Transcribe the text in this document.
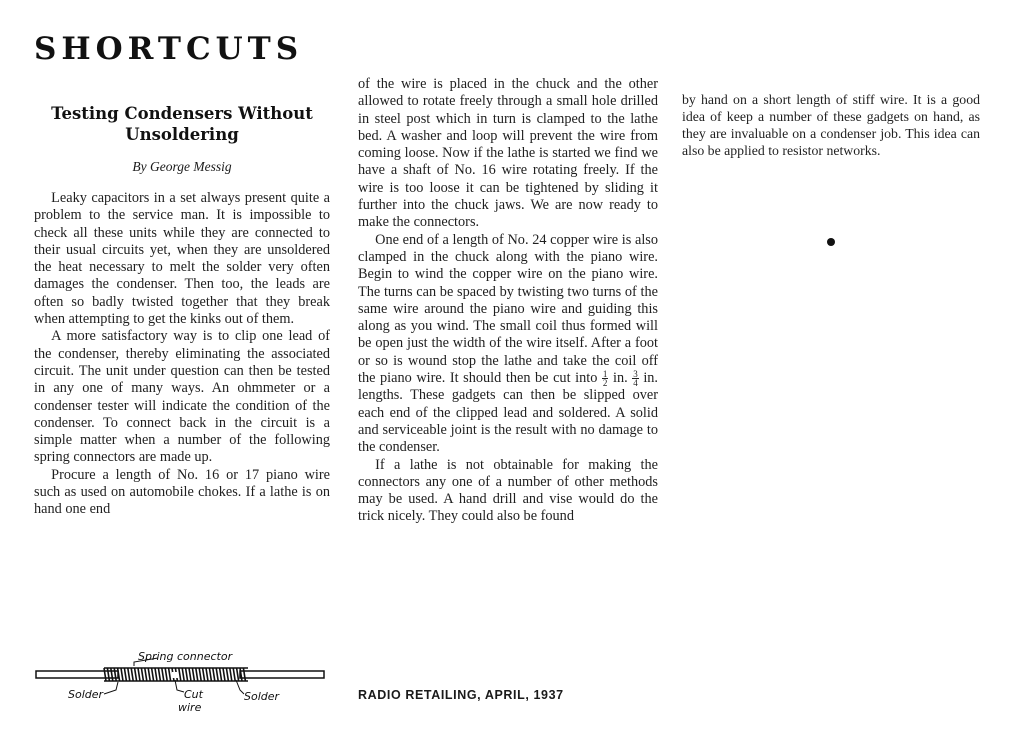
SHORTCUTS
Testing Condensers Without Unsoldering
By George Messig

Leaky capacitors in a set always present quite a problem to the service man. It is impossible to check all these units while they are connected to their usual circuits yet, when they are unsoldered the heat necessary to melt the solder very often damages the condenser. Then too, the leads are often so badly twisted together that they break when attempting to get the kinks out of them.

A more satisfactory way is to clip one lead of the condenser, thereby eliminating the associated circuit. The unit under question can then be tested in any one of many ways. An ohmmeter or a condenser tester will indicate the condition of the condenser. To connect back in the circuit is a simple matter when a number of the following spring connectors are made up.

Procure a length of No. 16 or 17 piano wire such as used on automobile chokes. If a lathe is on hand one end

of the wire is placed in the chuck and the other allowed to rotate freely through a small hole drilled in steel post which in turn is clamped to the lathe bed. A washer and loop will prevent the wire from coming loose. Now if the lathe is started we find we have a shaft of No. 16 wire rotating freely. If the wire is too loose it can be tightened by sliding it further into the chuck jaws. We are now ready to make the connectors.

One end of a length of No. 24 copper wire is also clamped in the chuck along with the piano wire. Begin to wind the copper wire on the piano wire. The turns can be spaced by twisting two turns of the same wire around the piano wire and guiding this along as you wind. The small coil thus formed will be open just the width of the wire itself. After a foot or so is wound stop the lathe and take the coil off the piano wire. It should then be cut into $\frac{1}{2}$ in. $\frac{3}{4}$ in. lengths. These gadgets can then be slipped over each end of the clipped lead and soldered. A solid and serviceable joint is the result with no damage to the condenser.

If a lathe is not obtainable for making the connectors any one of a number of other methods may be used. A hand drill and vise would do the trick nicely. They could also be found

by hand on a short length of stiff wire. It is a good idea of keep a number of these gadgets on hand, as they are invaluable on a condenser job. This idea can also be applied to resistor networks.

Spring connector
Solder	Cut
wire
Solder	RADIO RETAILING, APRIL, 1937
